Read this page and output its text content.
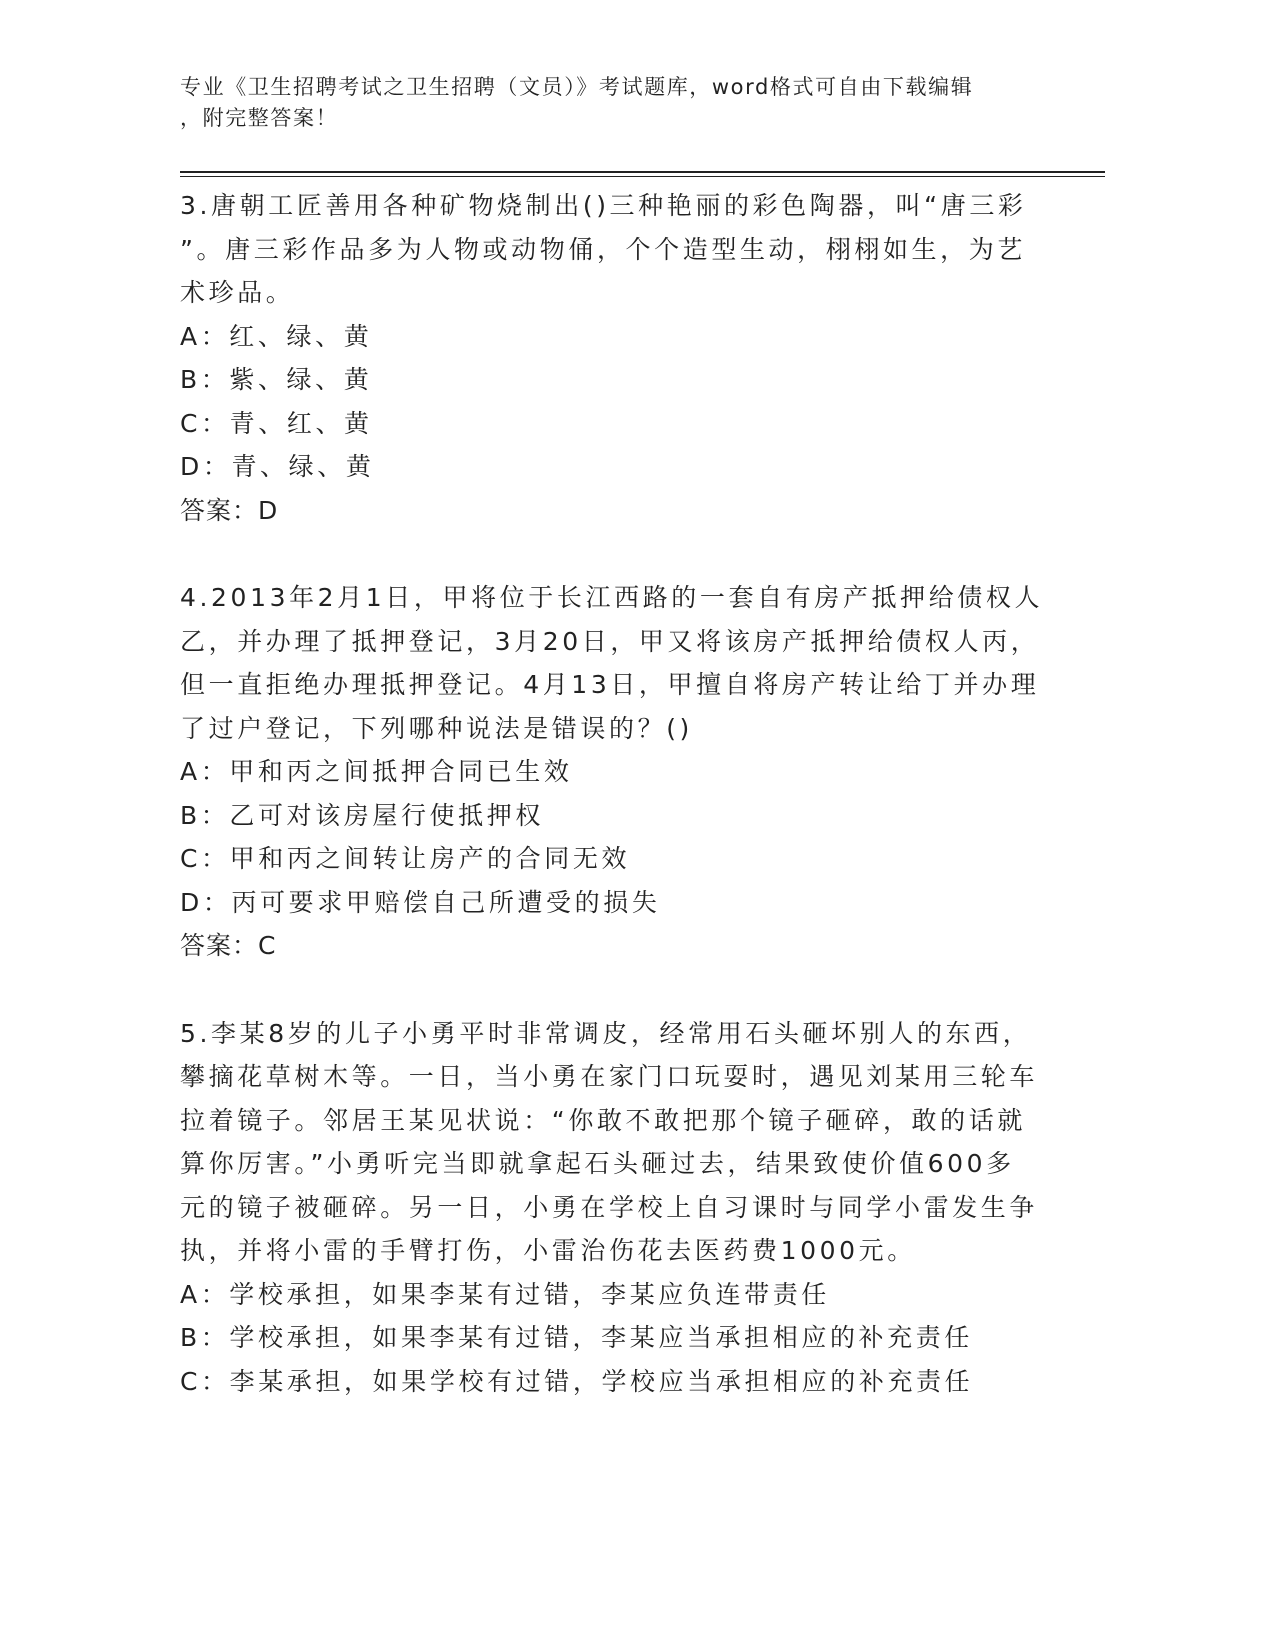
专业《卫生招聘考试之卫生招聘（文员）》考试题库，word格式可自由下载编辑
，附完整答案！
3.唐朝工匠善用各种矿物烧制出()三种艳丽的彩色陶器，叫“唐三彩
”。唐三彩作品多为人物或动物俑，个个造型生动，栩栩如生，为艺
术珍品。
A：红、绿、黄
B：紫、绿、黄
C：青、红、黄
D：青、绿、黄
答案：D
4.2013年2月1日，甲将位于长江西路的一套自有房产抵押给债权人
乙，并办理了抵押登记，3月20日，甲又将该房产抵押给债权人丙，
但一直拒绝办理抵押登记。4月13日，甲擅自将房产转让给丁并办理
了过户登记，下列哪种说法是错误的？()
A：甲和丙之间抵押合同已生效
B：乙可对该房屋行使抵押权
C：甲和丙之间转让房产的合同无效
D：丙可要求甲赔偿自己所遭受的损失
答案：C
5.李某8岁的儿子小勇平时非常调皮，经常用石头砸坏别人的东西，
攀摘花草树木等。一日，当小勇在家门口玩耍时，遇见刘某用三轮车
拉着镜子。邻居王某见状说：“你敢不敢把那个镜子砸碎，敢的话就
算你厉害。”小勇听完当即就拿起石头砸过去，结果致使价值600多
元的镜子被砸碎。另一日，小勇在学校上自习课时与同学小雷发生争
执，并将小雷的手臂打伤，小雷治伤花去医药费1000元。
A：学校承担，如果李某有过错，李某应负连带责任
B：学校承担，如果李某有过错，李某应当承担相应的补充责任
C：李某承担，如果学校有过错，学校应当承担相应的补充责任
